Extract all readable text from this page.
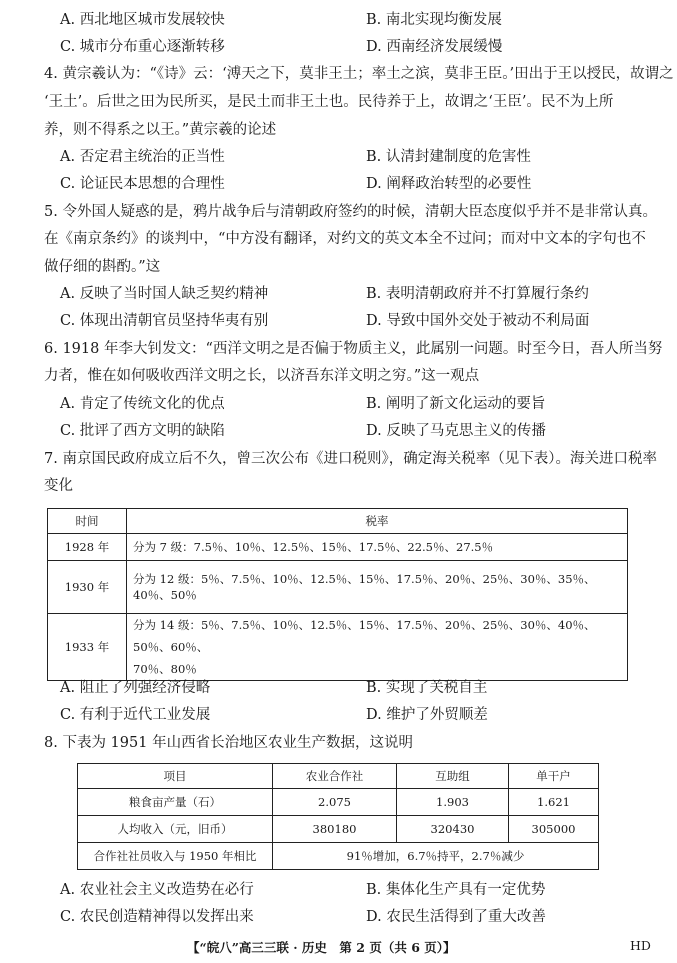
A. 西北地区城市发展较快	B. 南北实现均衡发展
C. 城市分布重心逐渐转移	D. 西南经济发展缓慢
4. 黄宗羲认为：“《诗》云：‘溥天之下，莫非王土；率土之滨，莫非王臣。’田出于王以授民，故谓之
‘王土’。后世之田为民所买，是民土而非王土也。民待养于上，故谓之‘王臣’。民不为上所
养，则不得系之以王。”黄宗羲的论述
A. 否定君主统治的正当性	B. 认清封建制度的危害性
C. 论证民本思想的合理性	D. 阐释政治转型的必要性
5. 令外国人疑惑的是，鸦片战争后与清朝政府签约的时候，清朝大臣态度似乎并不是非常认真。
在《南京条约》的谈判中，“中方没有翻译，对约文的英文本全不过问；而对中文本的字句也不
做仔细的斟酌。”这
A. 反映了当时国人缺乏契约精神	B. 表明清朝政府并不打算履行条约
C. 体现出清朝官员坚持华夷有别	D. 导致中国外交处于被动不利局面
6. 1918 年李大钊发文：“西洋文明之是否偏于物质主义，此属别一问题。时至今日，吾人所当努
力者，惟在如何吸收西洋文明之长，以济吾东洋文明之穷。”这一观点
A. 肯定了传统文化的优点	B. 阐明了新文化运动的要旨
C. 批评了西方文明的缺陷	D. 反映了马克思主义的传播
7. 南京国民政府成立后不久，曾三次公布《进口税则》，确定海关税率（见下表）。海关进口税率
变化
时间	税率
1928 年	分为 7 级：7.5％、10％、12.5％、15％、17.5％、22.5％、27.5％
1930 年	分为 12 级：5％、7.5％、10％、12.5％、15％、17.5％、20％、25％、30％、35％、40％、50％
1933 年	分为 14 级：5％、7.5％、10％、12.5％、15％、17.5％、20％、25％、30％、40％、50％、60％、
70％、80％
A. 阻止了列强经济侵略	B. 实现了关税自主
C. 有利于近代工业发展	D. 维护了外贸顺差
8. 下表为 1951 年山西省长治地区农业生产数据，这说明
项目	农业合作社	互助组	单干户
粮食亩产量（石）	2.075	1.903	1.621
人均收入（元，旧币）	380180	320430	305000
合作社社员收入与 1950 年相比	91％增加，6.7％持平，2.7％减少		
A. 农业社会主义改造势在必行	B. 集体化生产具有一定优势
C. 农民创造精神得以发挥出来	D. 农民生活得到了重大改善
【“皖八”高三三联 · 历史　第 2 页（共 6 页）】	HD
